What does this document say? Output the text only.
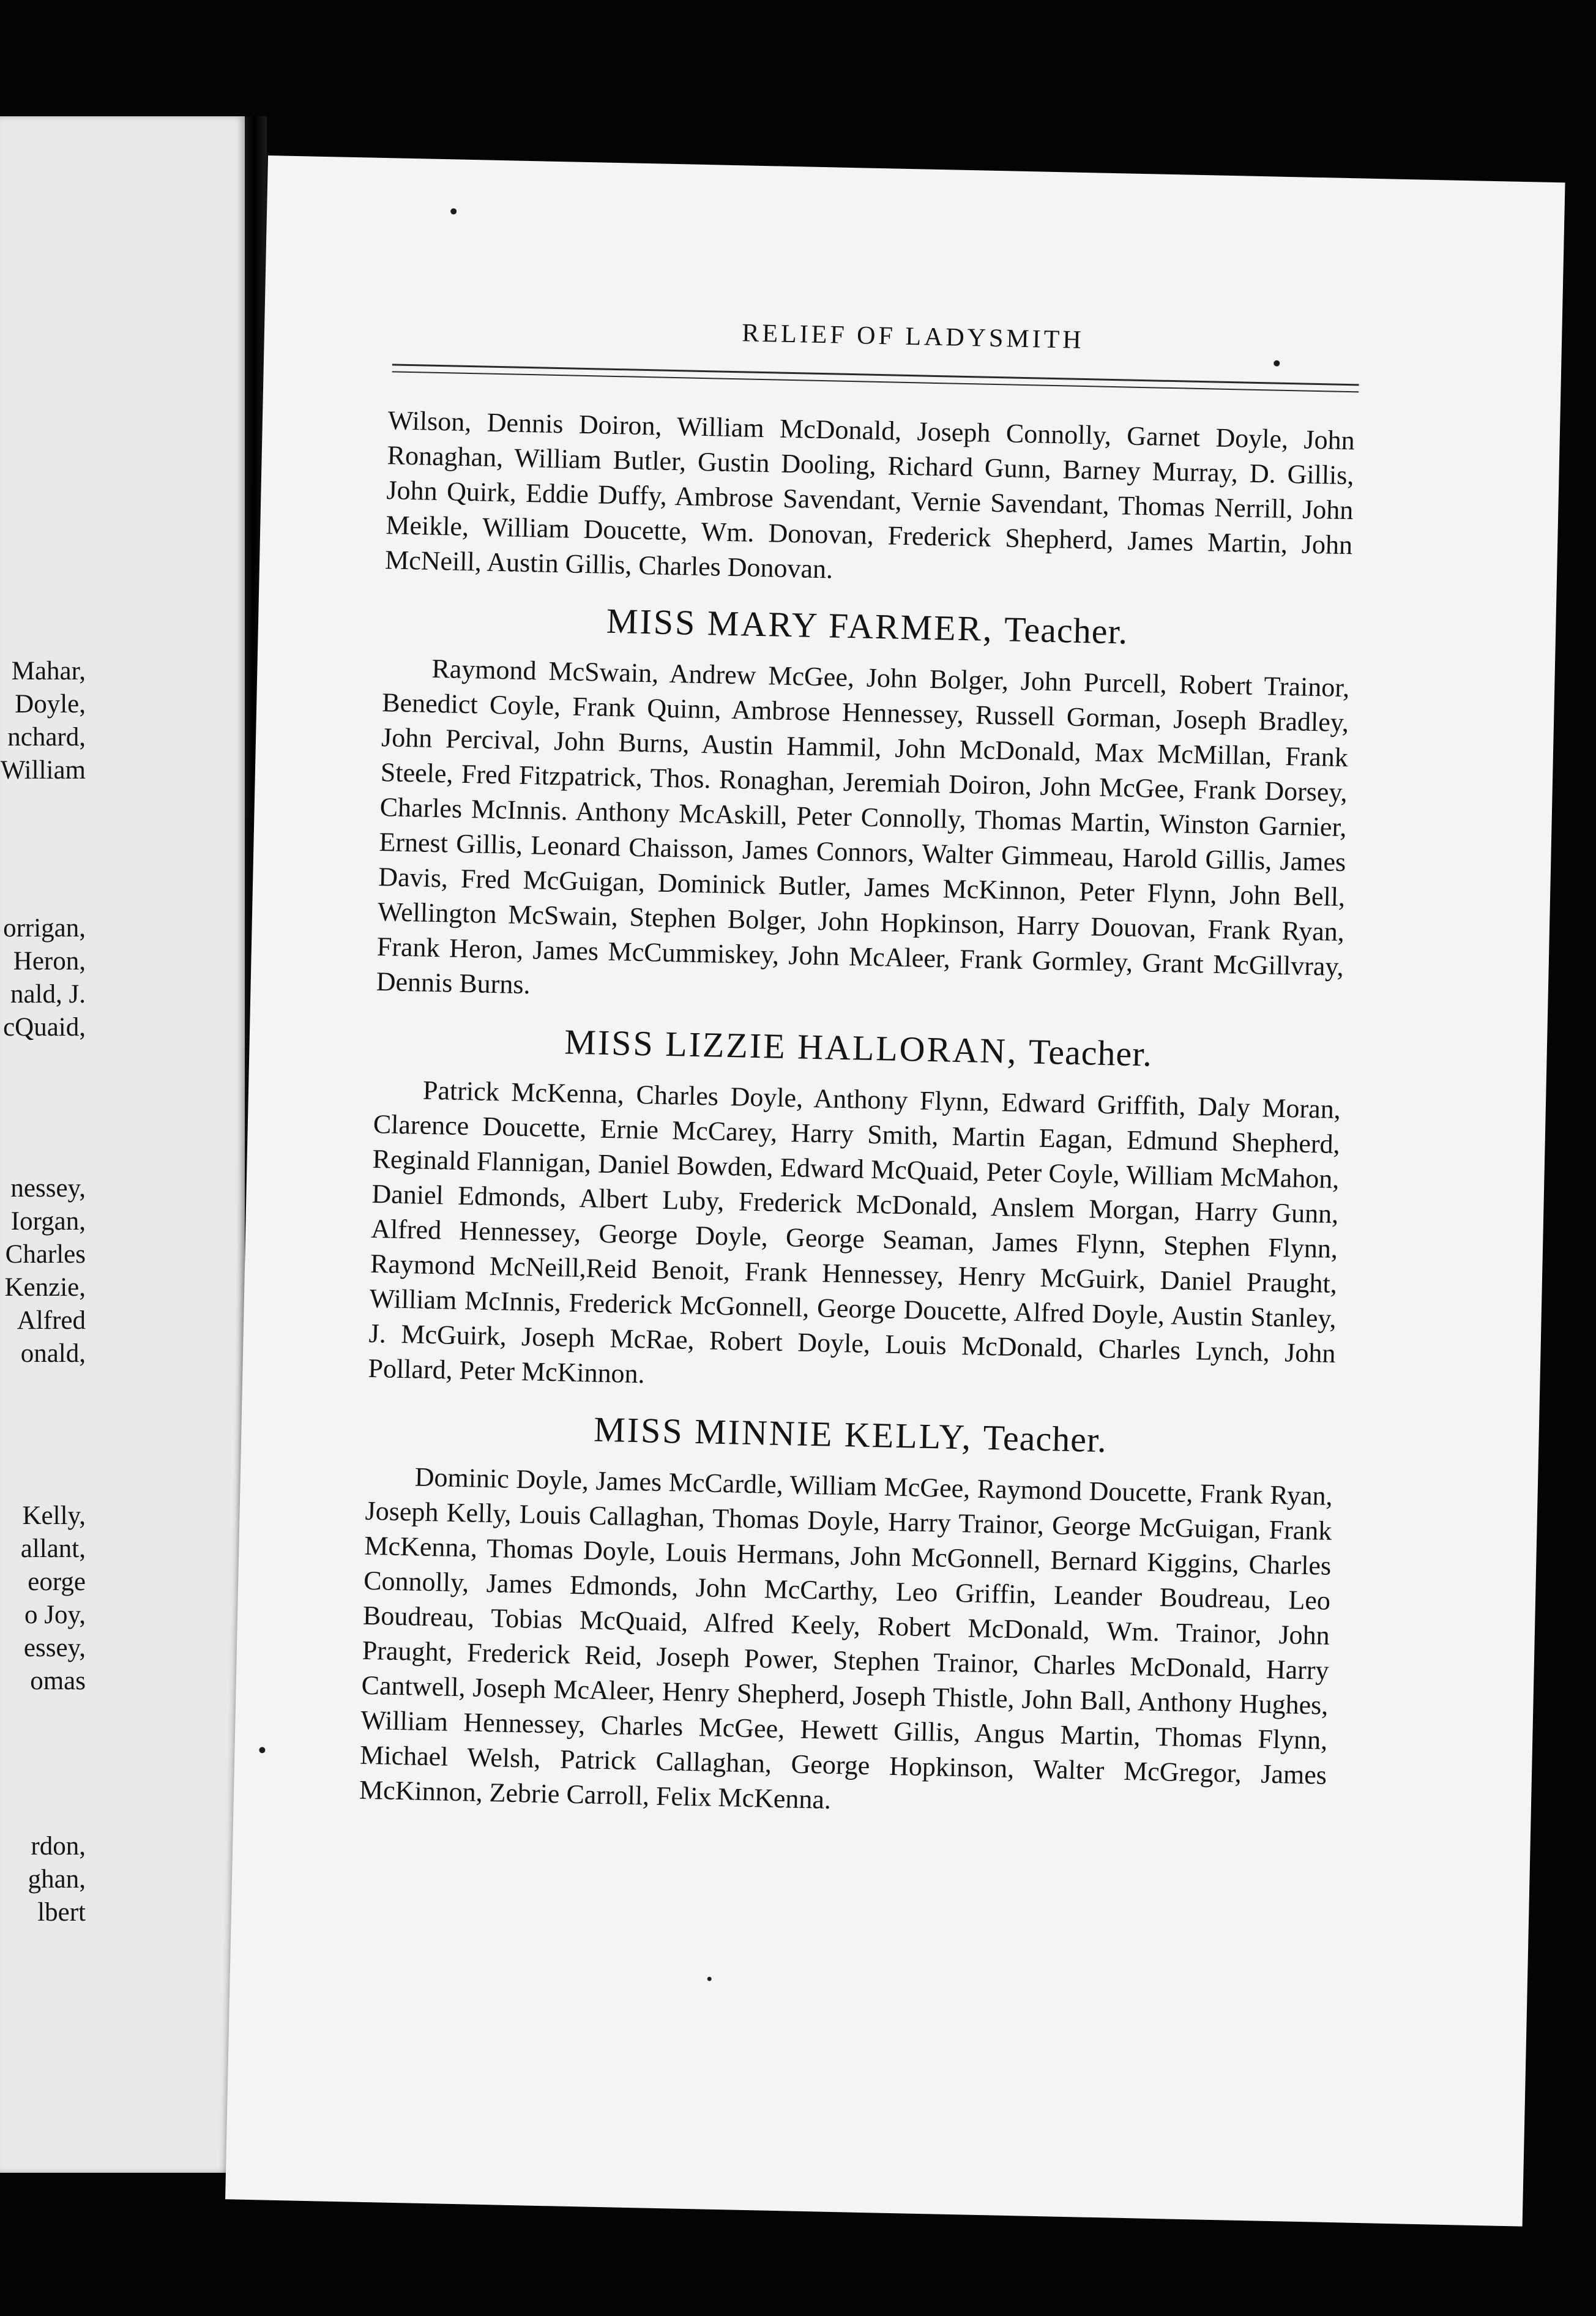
Mahar,
Doyle,
nchard,
William
orrigan,
Heron,
nald, J.
cQuaid,
nessey,
Iorgan,
Charles
Kenzie,
Alfred
onald,
Kelly,
allant,
eorge
o Joy,
essey,
omas
rdon,
ghan,
lbert
RELIEF OF LADYSMITH

Wilson, Dennis Doiron, William McDonald, Joseph Connolly, Garnet Doyle, John Ronaghan, William Butler, Gustin Dooling, Richard Gunn, Barney Murray, D. Gillis, John Quirk, Eddie Duffy, Ambrose Savendant, Vernie Savendant, Thomas Nerrill, John Meikle, William Doucette, Wm. Donovan, Frederick Shepherd, James Martin, John McNeill, Austin Gillis, Charles Donovan.

MISS MARY FARMER, Teacher.

Raymond McSwain, Andrew McGee, John Bolger, John Purcell, Robert Trainor, Benedict Coyle, Frank Quinn, Ambrose Hennessey, Russell Gorman, Joseph Bradley, John Percival, John Burns, Austin Hammil, John McDonald, Max McMillan, Frank Steele, Fred Fitzpatrick, Thos. Ronaghan, Jeremiah Doiron, John McGee, Frank Dorsey, Charles McInnis. Anthony McAskill, Peter Connolly, Thomas Martin, Winston Garnier, Ernest Gillis, Leonard Chaisson, James Connors, Walter Gimmeau, Harold Gillis, James Davis, Fred McGuigan, Dominick Butler, James McKinnon, Peter Flynn, John Bell, Wellington McSwain, Stephen Bolger, John Hopkinson, Harry Douovan, Frank Ryan, Frank Heron, James McCummiskey, John McAleer, Frank Gormley, Grant McGillvray, Dennis Burns.

MISS LIZZIE HALLORAN, Teacher.

Patrick McKenna, Charles Doyle, Anthony Flynn, Edward Griffith, Daly Moran, Clarence Doucette, Ernie McCarey, Harry Smith, Martin Eagan, Edmund Shepherd, Reginald Flannigan, Daniel Bowden, Edward McQuaid, Peter Coyle, William McMahon, Daniel Edmonds, Albert Luby, Frederick McDonald, Anslem Morgan, Harry Gunn, Alfred Hennessey, George Doyle, George Seaman, James Flynn, Stephen Flynn, Raymond McNeill,Reid Benoit, Frank Hennessey, Henry McGuirk, Daniel Praught, William McInnis, Frederick McGonnell, George Doucette, Alfred Doyle, Austin Stanley, J. McGuirk, Joseph McRae, Robert Doyle, Louis McDonald, Charles Lynch, John Pollard, Peter McKinnon.

MISS MINNIE KELLY, Teacher.

Dominic Doyle, James McCardle, William McGee, Raymond Doucette, Frank Ryan, Joseph Kelly, Louis Callaghan, Thomas Doyle, Harry Trainor, George McGuigan, Frank McKenna, Thomas Doyle, Louis Hermans, John McGonnell, Bernard Kiggins, Charles Connolly, James Edmonds, John McCarthy, Leo Griffin, Leander Boudreau, Leo Boudreau, Tobias McQuaid, Alfred Keely, Robert McDonald, Wm. Trainor, John Praught, Frederick Reid, Joseph Power, Stephen Trainor, Charles McDonald, Harry Cantwell, Joseph McAleer, Henry Shepherd, Joseph Thistle, John Ball, Anthony Hughes, William Hennessey, Charles McGee, Hewett Gillis, Angus Martin, Thomas Flynn, Michael Welsh, Patrick Callaghan, George Hopkinson, Walter McGregor, James McKinnon, Zebrie Carroll, Felix McKenna.
